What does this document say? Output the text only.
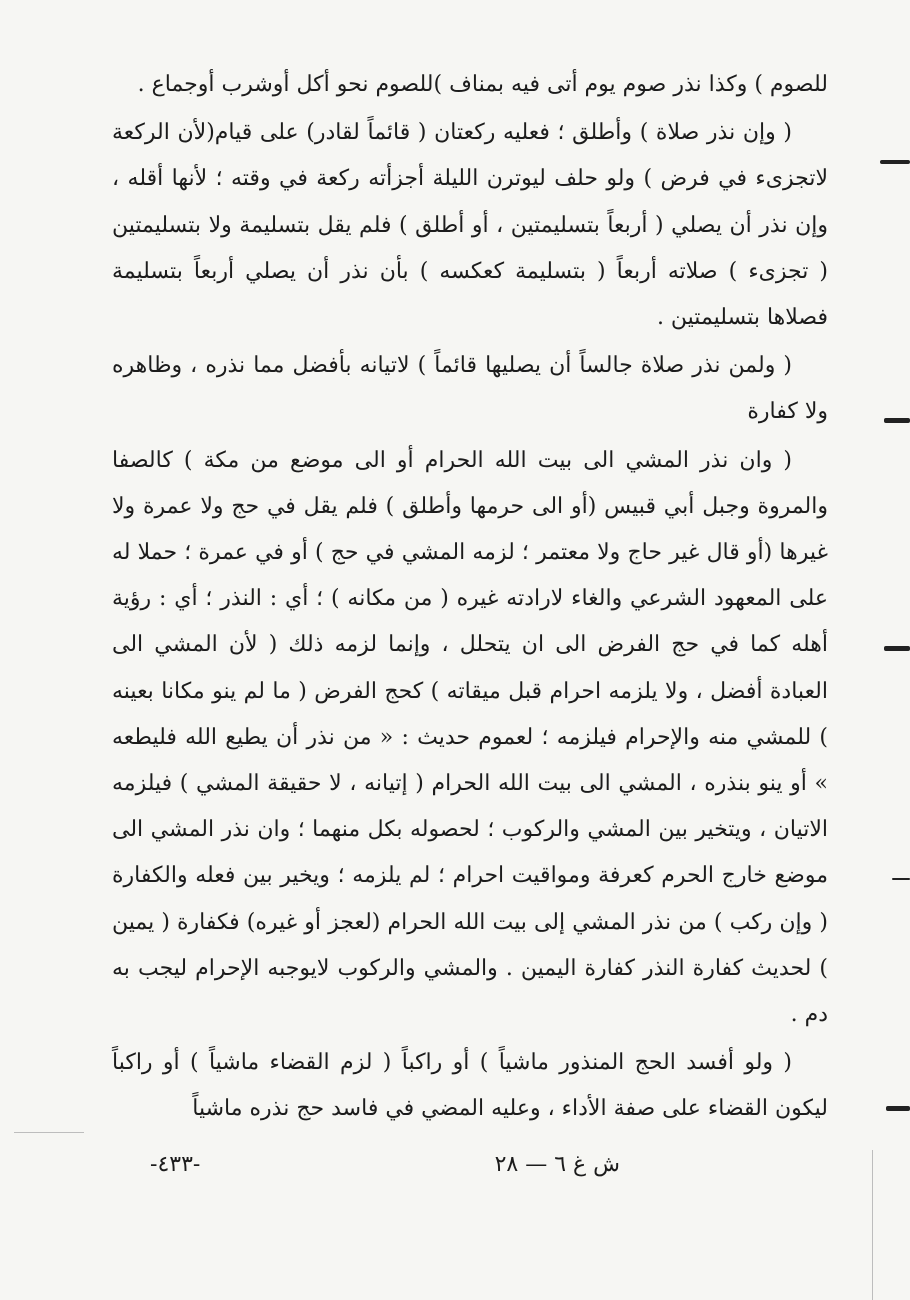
للصوم ) وكذا نذر صوم يوم أتى فيه بمناف )للصوم نحو أكل أوشرب أوجماع .

( وإن نذر صلاة ) وأطلق ؛ فعليه ركعتان ( قائماً لقادر) على قيام(لأن الركعة لاتجزىء في فرض ) ولو حلف ليوترن الليلة أجزأته ركعة في وقته ؛ لأنها أقله ، وإن نذر أن يصلي ( أربعاً بتسليمتين ، أو أطلق ) فلم يقل بتسليمة ولا بتسليمتين ( تجزىء ) صلاته أربعاً ( بتسليمة كعكسه ) بأن نذر أن يصلي أربعاً بتسليمة فصلاها بتسليمتين .

( ولمن نذر صلاة جالساً أن يصليها قائماً ) لاتيانه بأفضل مما نذره ، وظاهره ولا كفارة

( وان نذر المشي الى بيت الله الحرام أو الى موضع من مكة ) كالصفا والمروة وجبل أبي قبيس (أو الى حرمها وأطلق ) فلم يقل في حج ولا عمرة ولا غيرها (أو قال غير حاج ولا معتمر ؛ لزمه المشي في حج ) أو في عمرة ؛ حملا له على المعهود الشرعي والغاء لارادته غيره ( من مكانه ) ؛ أي : النذر ؛ أي : رؤية أهله كما في حج الفرض الى ان يتحلل ، وإنما لزمه ذلك ( لأن المشي الى العبادة أفضل ، ولا يلزمه احرام قبل ميقاته ) كحج الفرض ( ما لم ينو مكانا بعينه ) للمشي منه والإحرام فيلزمه ؛ لعموم حديث : « من نذر أن يطيع الله فليطعه » أو ينو بنذره ، المشي الى بيت الله الحرام ( إتيانه ، لا حقيقة المشي ) فيلزمه الاتيان ، ويتخير بين المشي والركوب ؛ لحصوله بكل منهما ؛ وان نذر المشي الى موضع خارج الحرم كعرفة ومواقيت احرام ؛ لم يلزمه ؛ ويخير بين فعله والكفارة ( وإن ركب ) من نذر المشي إلى بيت الله الحرام (لعجز أو غيره) فكفارة ( يمين ) لحديث كفارة النذر كفارة اليمين . والمشي والركوب لايوجبه الإحرام ليجب به دم .

( ولو أفسد الحج المنذور ماشياً ) أو راكباً ( لزم القضاء ماشياً ) أو راكباً ليكون القضاء على صفة الأداء ، وعليه المضي في فاسد حج نذره ماشياً

ش غ ٦ — ٢٨
-٤٣٣-
